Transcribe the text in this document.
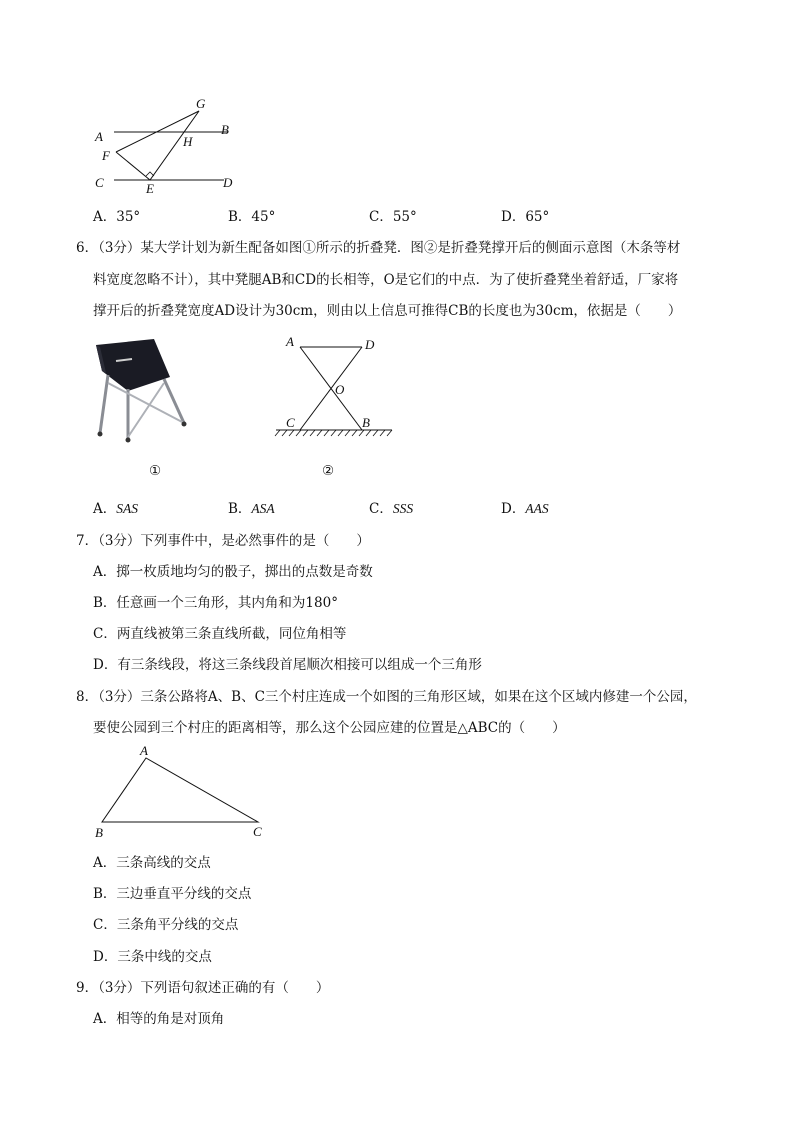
G
A	B
H
F
C	E	D
A．35°	B．45°	C．55°	D．65°
6．（3分）某大学计划为新生配备如图①所示的折叠凳．图②是折叠凳撑开后的侧面示意图（木条等材
料宽度忽略不计），其中凳腿AB和CD的长相等，O是它们的中点．为了使折叠凳坐着舒适，厂家将
撑开后的折叠凳宽度AD设计为30cm，则由以上信息可推得CB的长度也为30cm，依据是（　　）
①
A	D
O
C	B
②
A．SAS	B．ASA	C．SSS	D．AAS
7．（3分）下列事件中，是必然事件的是（　　）
A．掷一枚质地均匀的骰子，掷出的点数是奇数
B．任意画一个三角形，其内角和为180°
C．两直线被第三条直线所截，同位角相等
D．有三条线段，将这三条线段首尾顺次相接可以组成一个三角形
8．（3分）三条公路将A、B、C三个村庄连成一个如图的三角形区域，如果在这个区域内修建一个公园，
要使公园到三个村庄的距离相等，那么这个公园应建的位置是△ABC的（　　）
A
B	C
A．三条高线的交点
B．三边垂直平分线的交点
C．三条角平分线的交点
D．三条中线的交点
9．（3分）下列语句叙述正确的有（　　）
A．相等的角是对顶角
